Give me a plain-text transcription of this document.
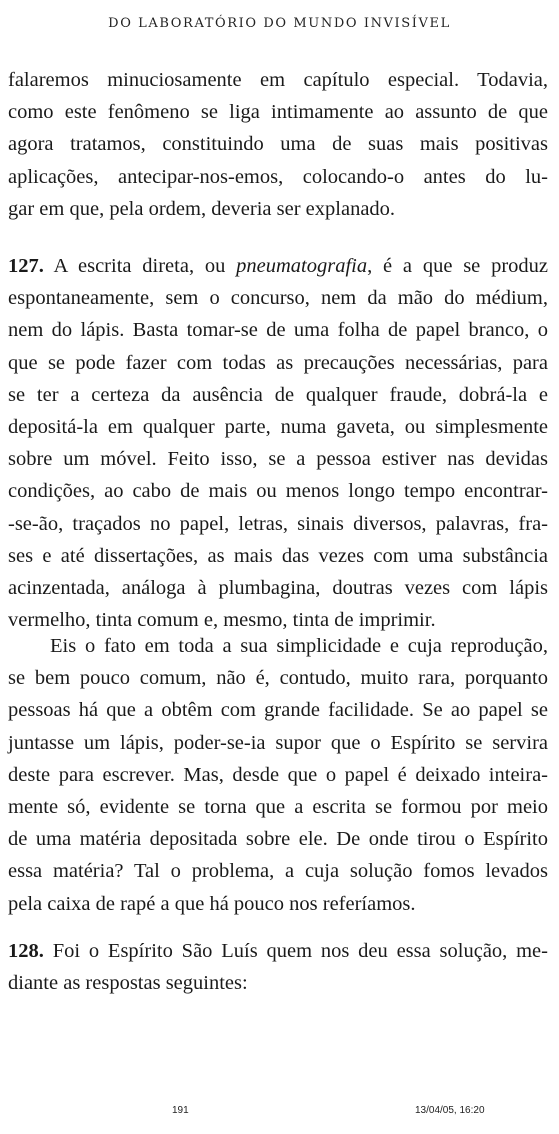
DO LABORATÓRIO DO MUNDO INVISÍVEL
falaremos minuciosamente em capítulo especial. Todavia,
como este fenômeno se liga intimamente ao assunto de que
agora tratamos, constituindo uma de suas mais positivas
aplicações, antecipar-nos-emos, colocando-o antes do lu-
gar em que, pela ordem, deveria ser explanado.
127. A escrita direta, ou pneumatografia, é a que se produz
espontaneamente, sem o concurso, nem da mão do médium,
nem do lápis. Basta tomar-se de uma folha de papel branco, o
que se pode fazer com todas as precauções necessárias, para
se ter a certeza da ausência de qualquer fraude, dobrá-la e
depositá-la em qualquer parte, numa gaveta, ou simplesmente
sobre um móvel. Feito isso, se a pessoa estiver nas devidas
condições, ao cabo de mais ou menos longo tempo encontrar-
-se-ão, traçados no papel, letras, sinais diversos, palavras, fra-
ses e até dissertações, as mais das vezes com uma substância
acinzentada, análoga à plumbagina, doutras vezes com lápis
vermelho, tinta comum e, mesmo, tinta de imprimir.
Eis o fato em toda a sua simplicidade e cuja reprodução,
se bem pouco comum, não é, contudo, muito rara, porquanto
pessoas há que a obtêm com grande facilidade. Se ao papel se
juntasse um lápis, poder-se-ia supor que o Espírito se servira
deste para escrever. Mas, desde que o papel é deixado inteira-
mente só, evidente se torna que a escrita se formou por meio
de uma matéria depositada sobre ele. De onde tirou o Espírito
essa matéria? Tal o problema, a cuja solução fomos levados
pela caixa de rapé a que há pouco nos referíamos.
128. Foi o Espírito São Luís quem nos deu essa solução, me-
diante as respostas seguintes:
191	13/04/05, 16:20
